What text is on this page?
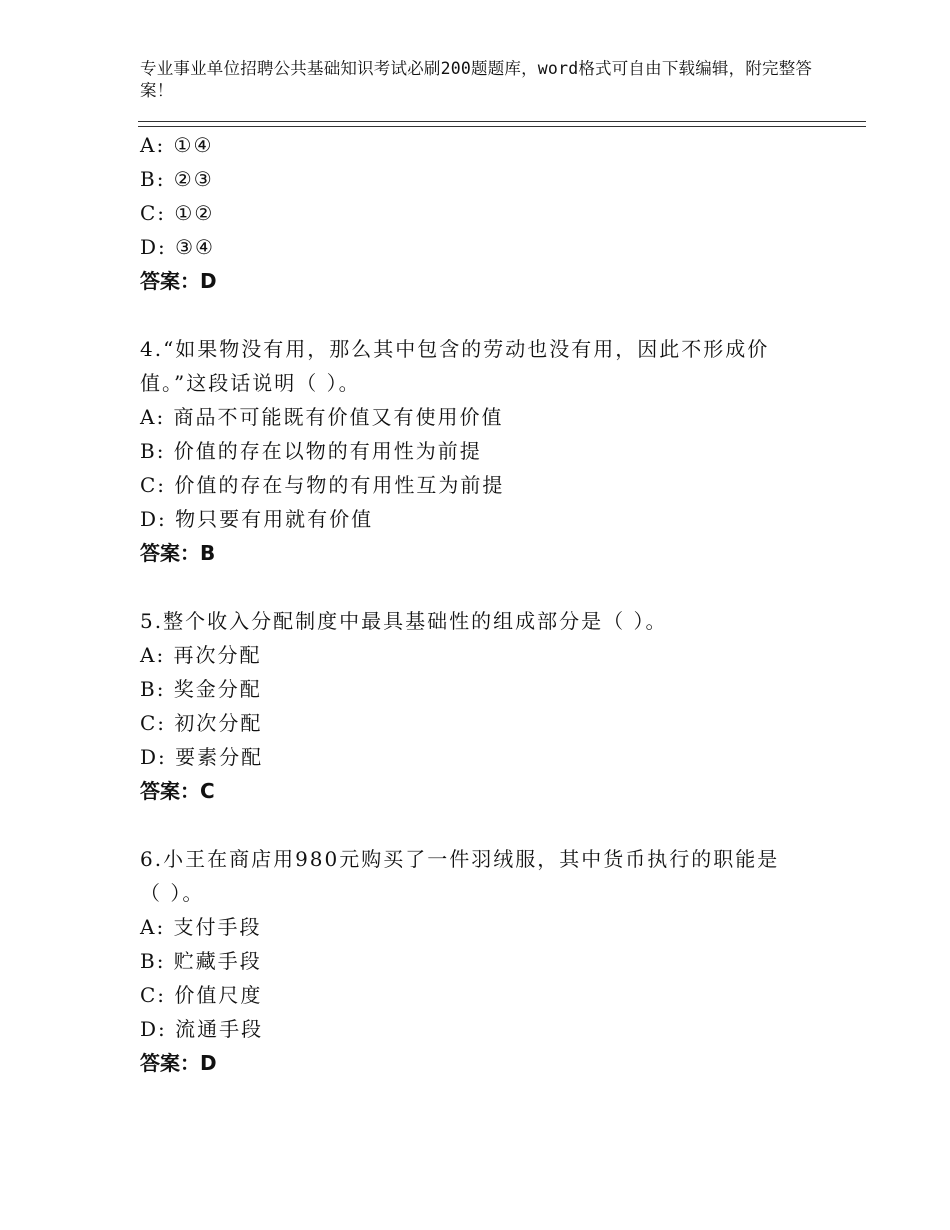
专业事业单位招聘公共基础知识考试必刷200题题库，word格式可自由下载编辑，附完整答案！
A: ①④
B: ②③
C: ①②
D: ③④
答案：D
4.“如果物没有用，那么其中包含的劳动也没有用，因此不形成价值。”这段话说明（ ）。
A: 商品不可能既有价值又有使用价值
B: 价值的存在以物的有用性为前提
C: 价值的存在与物的有用性互为前提
D: 物只要有用就有价值
答案：B
5.整个收入分配制度中最具基础性的组成部分是（ ）。
A: 再次分配
B: 奖金分配
C: 初次分配
D: 要素分配
答案：C
6.小王在商店用980元购买了一件羽绒服，其中货币执行的职能是（ ）。
A: 支付手段
B: 贮藏手段
C: 价值尺度
D: 流通手段
答案：D
